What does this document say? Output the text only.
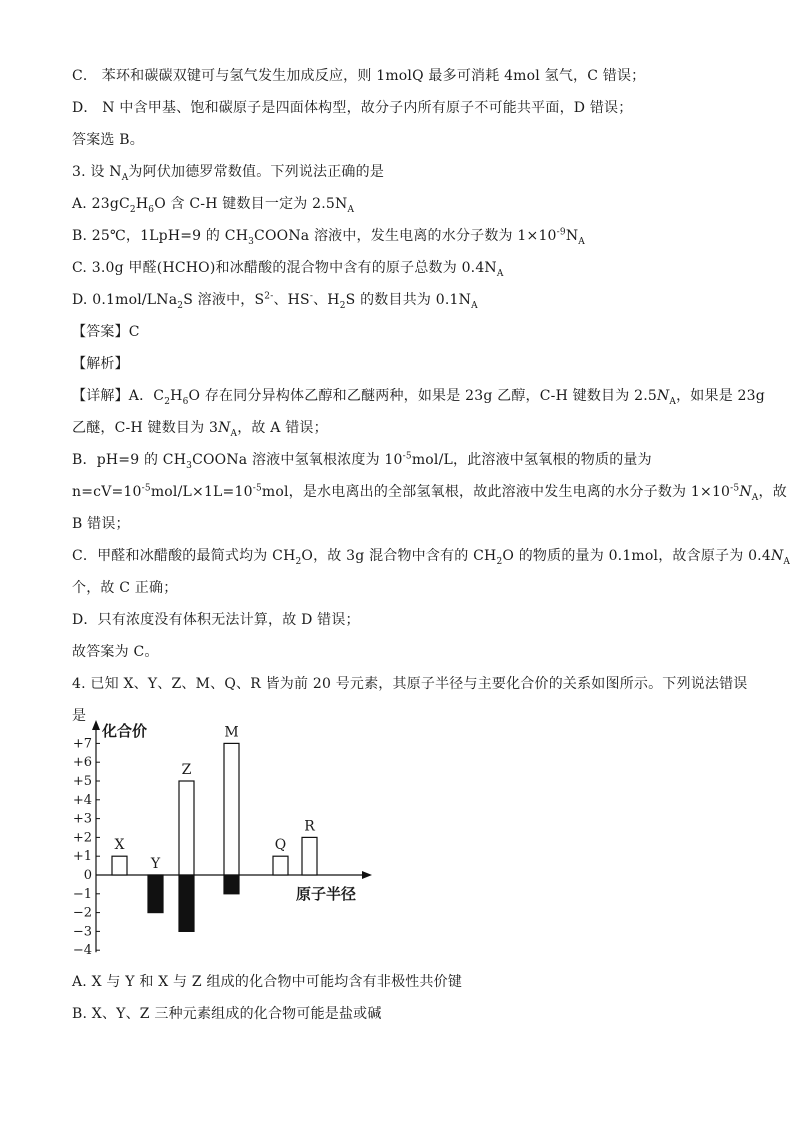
C． 苯环和碳碳双键可与氢气发生加成反应，则 1molQ 最多可消耗 4mol 氢气，C 错误；
D． N 中含甲基、饱和碳原子是四面体构型，故分子内所有原子不可能共平面，D 错误；
答案选 B。
3. 设 $N_A$为阿伏加德罗常数值。下列说法正确的是
A. $23gC_2H_6O$ 含 C-H 键数目一定为 $2.5N_A$
B. 25℃，1LpH=9 的 $CH_3COONa$ 溶液中，发生电离的水分子数为 $1\times 10^{-9}N_A$
C. 3.0g 甲醛(HCHO)和冰醋酸的混合物中含有的原子总数为 $0.4N_A$
D. 0.1mol/LNa$_2$S 溶液中，$S^{2-}$、HS-、$H_2S$ 的数目共为 $0.1N_A$
【答案】C
【解析】
【详解】A．$C_2H_6O$ 存在同分异构体乙醇和乙醚两种，如果是 23g 乙醇，C-H 键数目为 $2.5N_A$，如果是 23g
乙醚，C-H 键数目为 $3N_A$，故 A 错误；
B．pH=9 的 $CH_3COONa$ 溶液中氢氧根浓度为 $10^{-5}mol/L$，此溶液中氢氧根的物质的量为
$n=cV=10^{-5}mol/L\times 1L=10^{-5}mol$，是水电离出的全部氢氧根，故此溶液中发生电离的水分子数为 $1\times 10^{-5}N_A$，故
B 错误；
C．甲醛和冰醋酸的最简式均为 $CH_2O$，故 3g 混合物中含有的 $CH_2O$ 的物质的量为 0.1mol，故含原子为 $0.4N_A$
个，故 C 正确；
D．只有浓度没有体积无法计算，故 D 错误；
故答案为 C。
4. 已知 X、Y、Z、M、Q、R 皆为前 20 号元素，其原子半径与主要化合价的关系如图所示。下列说法错误
是
化合价
原子半径
+7
+6
+5
+4
+3
+2
+1
0
−1
−2
−3
−4
X
Y
Z
M
Q
R
A. X 与 Y 和 X 与 Z 组成的化合物中可能均含有非极性共价键
B. X、Y、Z 三种元素组成的化合物可能是盐或碱
